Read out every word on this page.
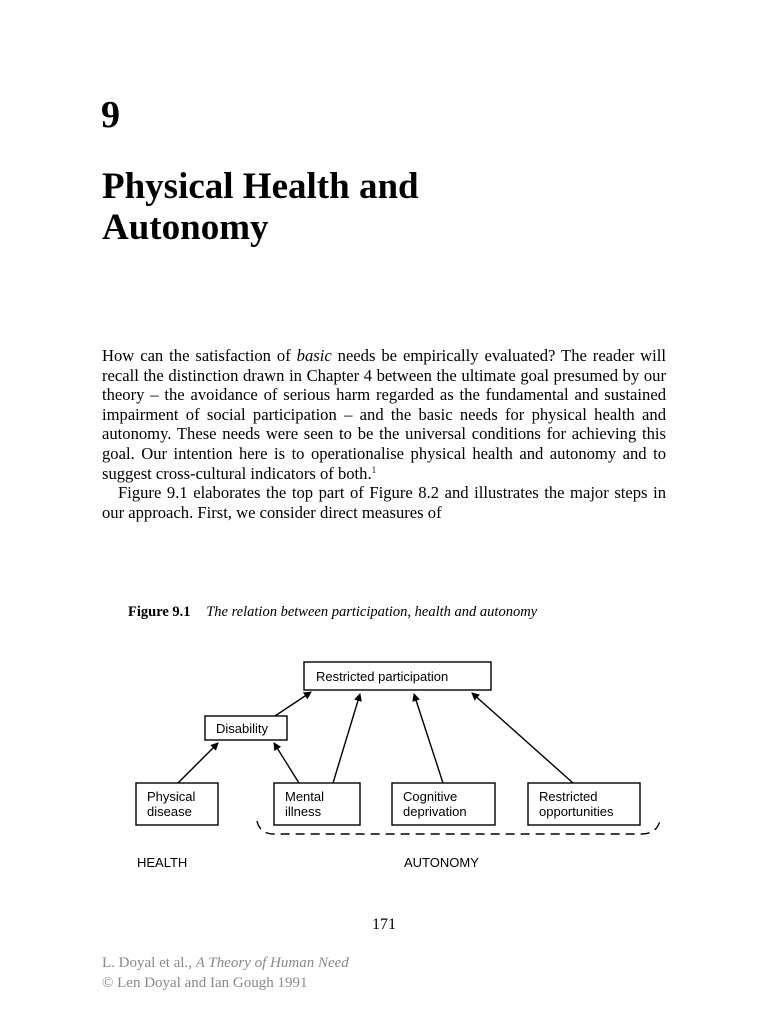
9
Physical Health and
Autonomy

How can the satisfaction of basic needs be empirically evaluated? The reader will recall the distinction drawn in Chapter 4 between the ultimate goal presumed by our theory – the avoidance of serious harm regarded as the fundamental and sustained impairment of social participation – and the basic needs for physical health and autonomy. These needs were seen to be the universal conditions for achieving this goal. Our intention here is to operationalise physical health and autonomy and to suggest cross-cultural indicators of both.$^1$

Figure 9.1 elaborates the top part of Figure 8.2 and illustrates the major steps in our approach. First, we consider direct measures of

Figure 9.1 The relation between participation, health and autonomy
Restricted participation
Disability
Physical
disease
Mental
illness
Cognitive
deprivation
Restricted
opportunities
HEALTH	AUTONOMY
171
L. Doyal et al., A Theory of Human Need
© Len Doyal and Ian Gough 1991
